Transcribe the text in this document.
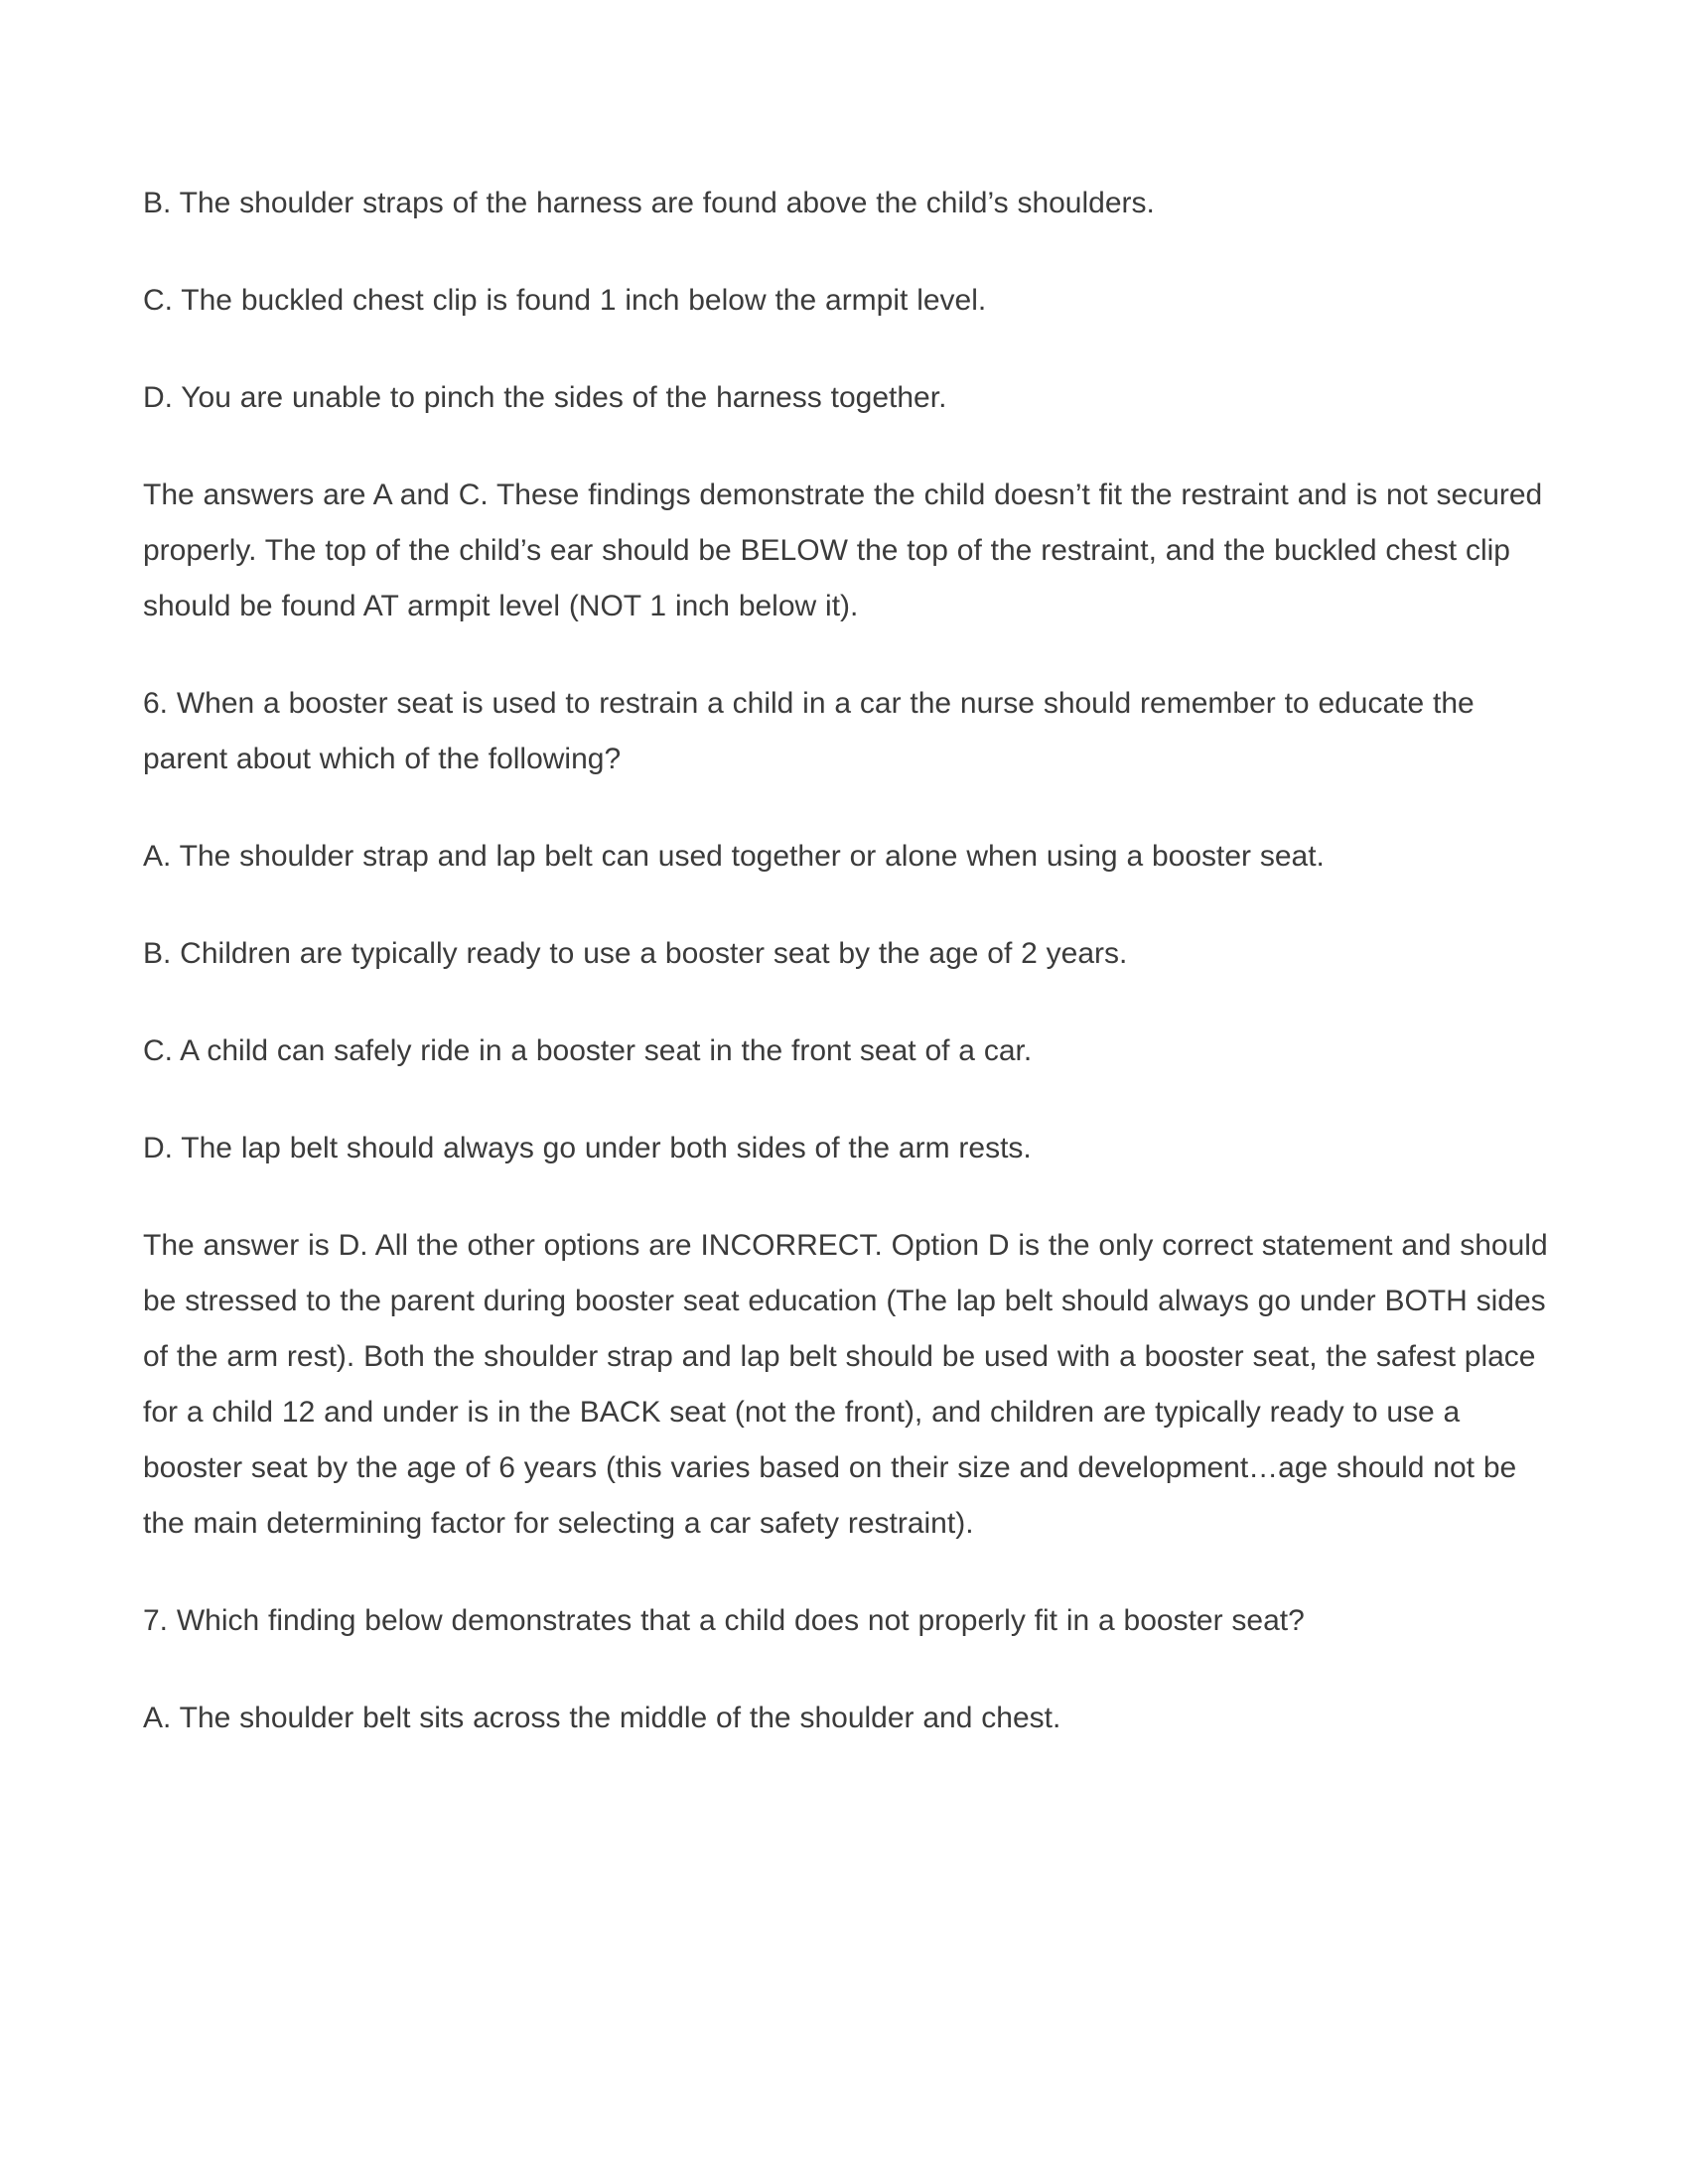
B. The shoulder straps of the harness are found above the child’s shoulders.

C. The buckled chest clip is found 1 inch below the armpit level.

D. You are unable to pinch the sides of the harness together.

The answers are A and C. These findings demonstrate the child doesn’t fit the restraint and is not secured properly. The top of the child’s ear should be BELOW the top of the restraint, and the buckled chest clip should be found AT armpit level (NOT 1 inch below it).

6. When a booster seat is used to restrain a child in a car the nurse should remember to educate the parent about which of the following?

A. The shoulder strap and lap belt can used together or alone when using a booster seat.

B. Children are typically ready to use a booster seat by the age of 2 years.

C. A child can safely ride in a booster seat in the front seat of a car.

D. The lap belt should always go under both sides of the arm rests.

The answer is D. All the other options are INCORRECT. Option D is the only correct statement and should be stressed to the parent during booster seat education (The lap belt should always go under BOTH sides of the arm rest). Both the shoulder strap and lap belt should be used with a booster seat, the safest place for a child 12 and under is in the BACK seat (not the front), and children are typically ready to use a booster seat by the age of 6 years (this varies based on their size and development…age should not be the main determining factor for selecting a car safety restraint).

7. Which finding below demonstrates that a child does not properly fit in a booster seat?

A. The shoulder belt sits across the middle of the shoulder and chest.
